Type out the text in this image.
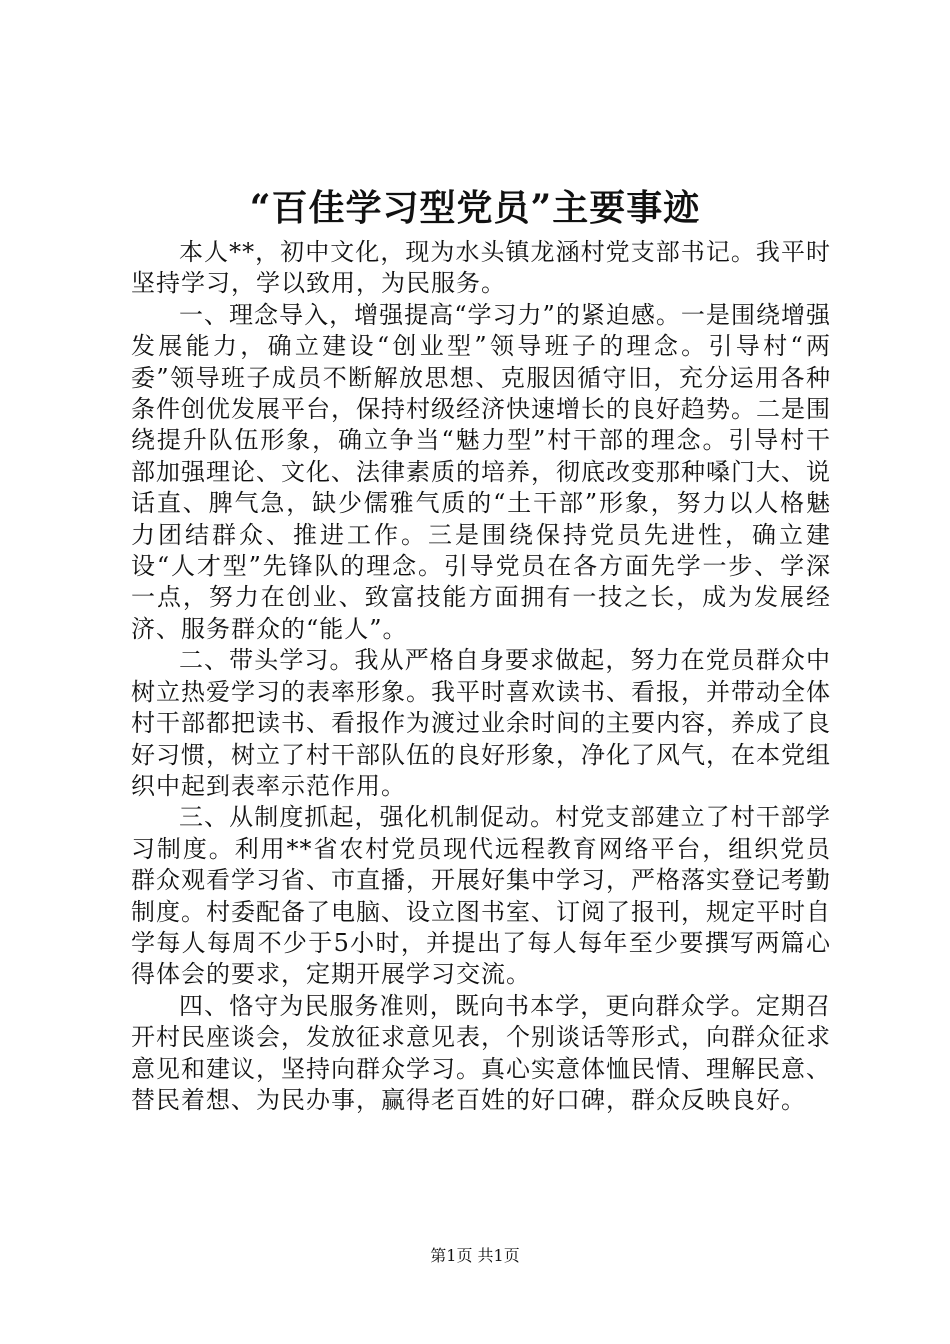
“百佳学习型党员”主要事迹

本人**，初中文化，现为水头镇龙涵村党支部书记。我平时坚持学习，学以致用，为民服务。

一、理念导入，增强提高“学习力”的紧迫感。一是围绕增强发展能力，确立建设“创业型”领导班子的理念。引导村“两委”领导班子成员不断解放思想、克服因循守旧，充分运用各种条件创优发展平台，保持村级经济快速增长的良好趋势。二是围绕提升队伍形象，确立争当“魅力型”村干部的理念。引导村干部加强理论、文化、法律素质的培养，彻底改变那种嗓门大、说话直、脾气急，缺少儒雅气质的“土干部”形象，努力以人格魅力团结群众、推进工作。三是围绕保持党员先进性，确立建设“人才型”先锋队的理念。引导党员在各方面先学一步、学深一点，努力在创业、致富技能方面拥有一技之长，成为发展经济、服务群众的“能人”。

二、带头学习。我从严格自身要求做起，努力在党员群众中树立热爱学习的表率形象。我平时喜欢读书、看报，并带动全体村干部都把读书、看报作为渡过业余时间的主要内容，养成了良好习惯，树立了村干部队伍的良好形象，净化了风气，在本党组织中起到表率示范作用。

三、从制度抓起，强化机制促动。村党支部建立了村干部学习制度。利用**省农村党员现代远程教育网络平台，组织党员群众观看学习省、市直播，开展好集中学习，严格落实登记考勤制度。村委配备了电脑、设立图书室、订阅了报刊，规定平时自学每人每周不少于5小时，并提出了每人每年至少要撰写两篇心得体会的要求，定期开展学习交流。

四、恪守为民服务准则，既向书本学，更向群众学。定期召开村民座谈会，发放征求意见表，个别谈话等形式，向群众征求意见和建议，坚持向群众学习。真心实意体恤民情、理解民意、替民着想、为民办事，赢得老百姓的好口碑，群众反映良好。

第1页 共1页
